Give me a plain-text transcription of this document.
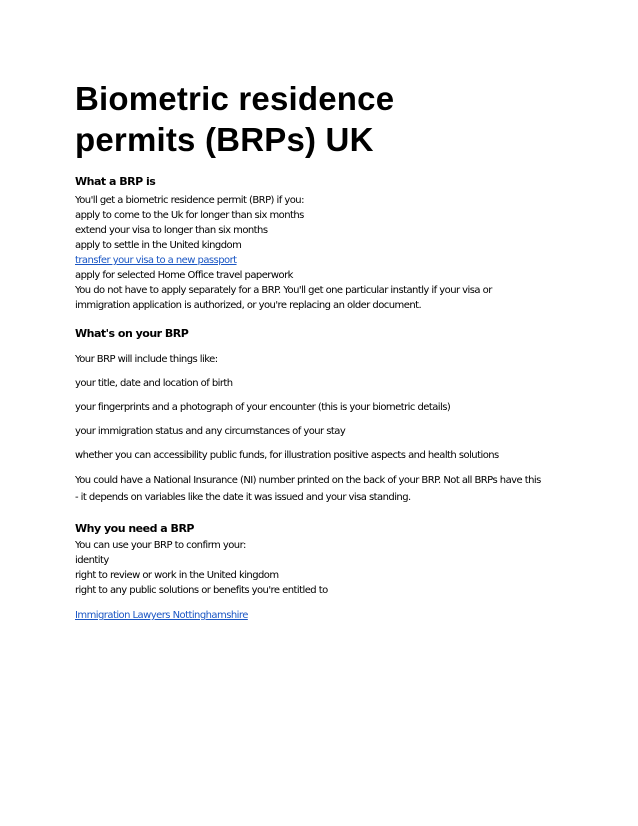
Biometric residence
permits (BRPs) UK
What a BRP is
You'll get a biometric residence permit (BRP) if you:
apply to come to the Uk for longer than six months
extend your visa to longer than six months
apply to settle in the United kingdom
transfer your visa to a new passport
apply for selected Home Office travel paperwork
You do not have to apply separately for a BRP. You'll get one particular instantly if your visa or
immigration application is authorized, or you're replacing an older document.
What's on your BRP
Your BRP will include things like:
your title, date and location of birth
your fingerprints and a photograph of your encounter (this is your biometric details)
your immigration status and any circumstances of your stay
whether you can accessibility public funds, for illustration positive aspects and health solutions
You could have a National Insurance (NI) number printed on the back of your BRP. Not all BRPs have this
- it depends on variables like the date it was issued and your visa standing.
Why you need a BRP
You can use your BRP to confirm your:
identity
right to review or work in the United kingdom
right to any public solutions or benefits you're entitled to
Immigration Lawyers Nottinghamshire
